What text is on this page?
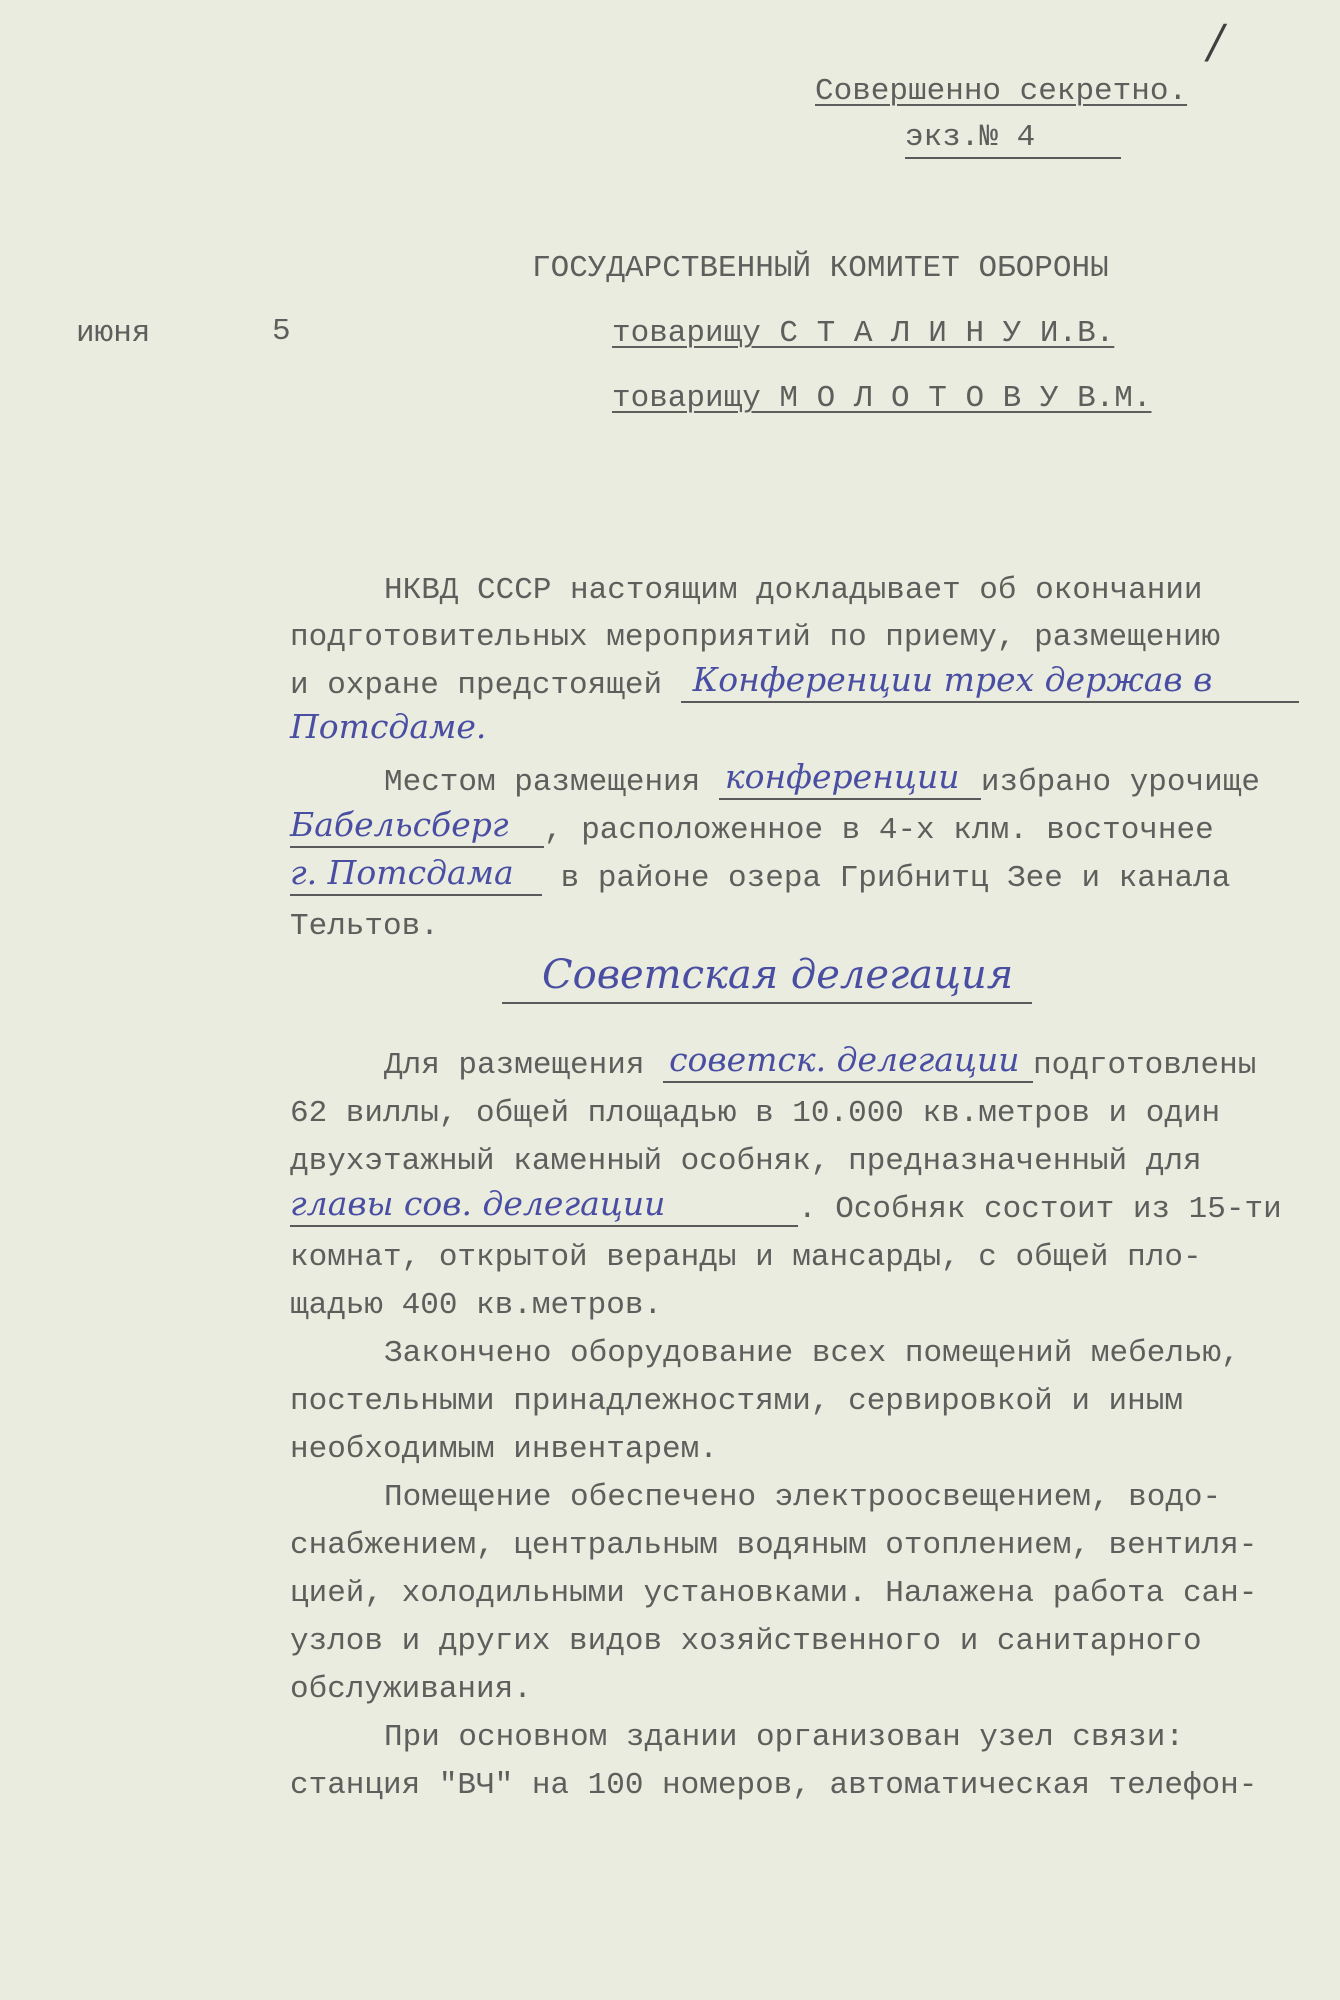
/
Совершенно секретно.
экз.№ 4
ГОСУДАРСТВЕННЫЙ КОМИТЕТ ОБОРОНЫ
июня	5	товарищу С Т А Л И Н У И.В.
товарищу М О Л О Т О В У В.М.
НКВД СССР настоящим докладывает об окончании
подготовительных мероприятий по приему, размещению
и охране предстоящей
Конференции трех держав в
Потсдаме.
Местом размещения
конференции избрано урочище
Бабельсберг , расположенное в 4-х клм. восточнее
г. Потсдама
в районе озера Грибнитц Зее и канала
Тельтов.
Советская делегация
Для размещения
советск. делегации подготовлены
62 виллы, общей площадью в 10.000 кв.метров и один
двухэтажный каменный особняк, предназначенный для
главы сов. делегации	. Особняк состоит из 15-ти
комнат, открытой веранды и мансарды, с общей пло-
щадью 400 кв.метров.
Закончено оборудование всех помещений мебелью,
постельными принадлежностями, сервировкой и иным
необходимым инвентарем.
Помещение обеспечено электроосвещением, водо-
снабжением, центральным водяным отоплением, вентиля-
цией, холодильными установками. Налажена работа сан-
узлов и других видов хозяйственного и санитарного
обслуживания.
При основном здании организован узел связи:
станция "ВЧ" на 100 номеров, автоматическая телефон-
